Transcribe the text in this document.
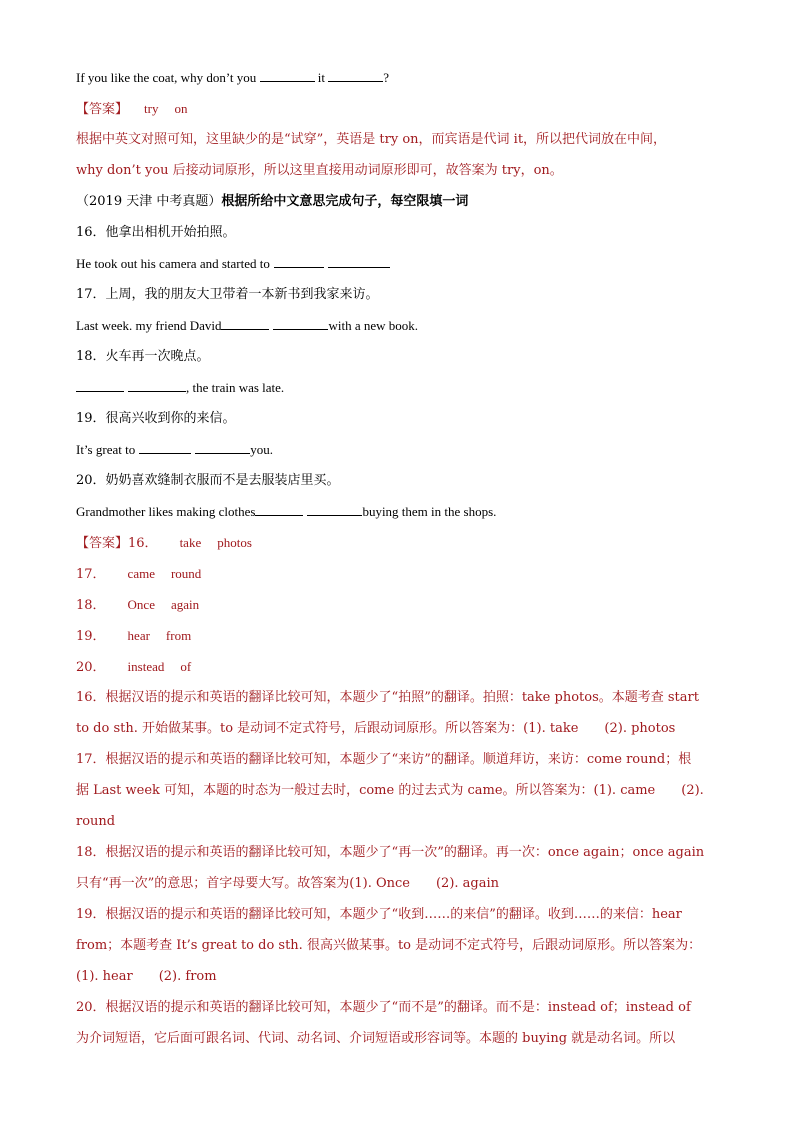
If you like the coat, why don’t you	it	?
【答案】 try on
根据中英文对照可知，这里缺少的是“试穿”，英语是 try on，而宾语是代词 it，所以把代词放在中间，
why don’t you 后接动词原形，所以这里直接用动词原形即可，故答案为 try，on。
（2019 天津 中考真题）根据所给中文意思完成句子，每空限填一词
16．他拿出相机开始拍照。
He took out his camera and started to
17．上周，我的朋友大卫带着一本新书到我家来访。
Last week. my friend David	with a new book.
18．火车再一次晚点。
, the train was late.
19．很高兴收到你的来信。
It’s great to	you.
20．奶奶喜欢缝制衣服而不是去服装店里买。
Grandmother likes making clothes	buying them in the shops.
【答案】16． take photos
17． came round
18． Once again
19． hear from
20． instead of
16．根据汉语的提示和英语的翻译比较可知，本题少了“拍照”的翻译。拍照：take photos。本题考查 start
to do sth. 开始做某事。to 是动词不定式符号，后跟动词原形。所以答案为：(1). take　　(2). photos
17．根据汉语的提示和英语的翻译比较可知，本题少了“来访”的翻译。顺道拜访，来访：come round；根
据 Last week 可知，本题的时态为一般过去时，come 的过去式为 came。所以答案为：(1). came　　(2).
round
18．根据汉语的提示和英语的翻译比较可知，本题少了“再一次”的翻译。再一次：once again；once again
只有“再一次”的意思；首字母要大写。故答案为(1). Once　　(2). again
19．根据汉语的提示和英语的翻译比较可知，本题少了“收到……的来信”的翻译。收到……的来信：hear
from；本题考查 It’s great to do sth. 很高兴做某事。to 是动词不定式符号，后跟动词原形。所以答案为：
(1). hear　　(2). from
20．根据汉语的提示和英语的翻译比较可知，本题少了“而不是”的翻译。而不是：instead of；instead of
为介词短语，它后面可跟名词、代词、动名词、介词短语或形容词等。本题的 buying 就是动名词。所以
